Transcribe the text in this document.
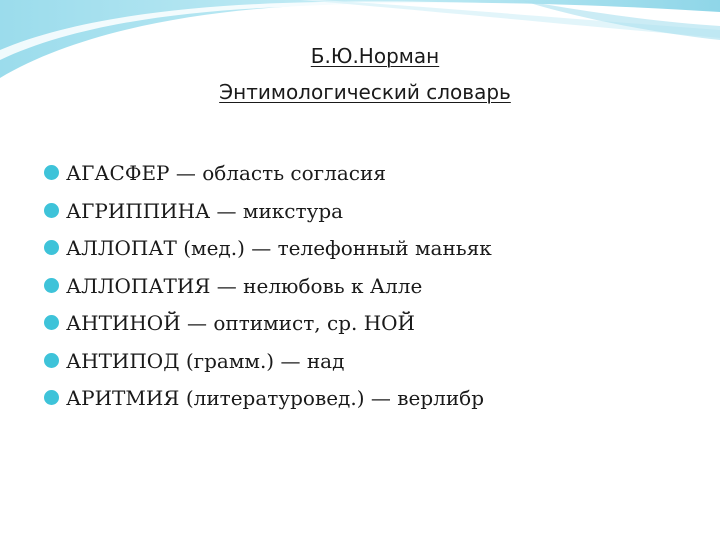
Б.Ю.Норман
Энтимологический словарь
АГАСФЕР — область согласия
АГРИППИНА — микстура
АЛЛОПАТ (мед.) — телефонный маньяк
АЛЛОПАТИЯ — нелюбовь к Алле
АНТИНОЙ — оптимист, ср. НОЙ
АНТИПОД (грамм.) — над
АРИТМИЯ (литературовед.) — верлибр
